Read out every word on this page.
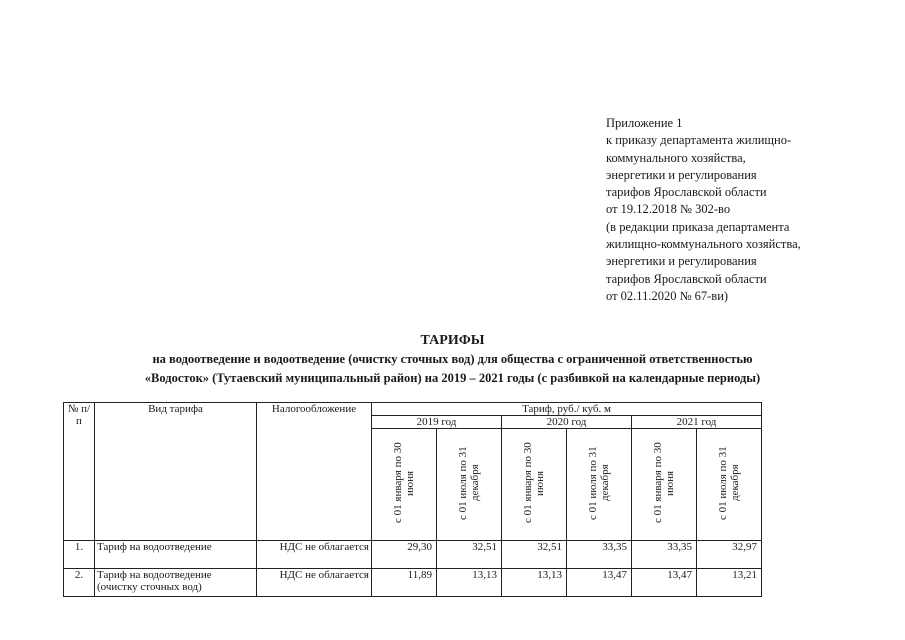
Приложение 1
к приказу департамента жилищно-
коммунального хозяйства,
энергетики и регулирования
тарифов Ярославской области
от 19.12.2018 № 302-во
(в редакции приказа департамента
жилищно-коммунального хозяйства,
энергетики и регулирования
тарифов Ярославской области
от 02.11.2020 № 67-ви)
ТАРИФЫ
на водоотведение и водоотведение (очистку сточных вод) для общества с ограниченной ответственностью
«Водосток» (Тутаевский муниципальный район) на 2019 – 2021 годы (с разбивкой на календарные периоды)
№ п/п	Вид тарифа	Налогообложение	Тариф, руб./ куб. м					
			2019 год		2020 год		2021 год	
			с 01 января по 30 июня	с 01 июля по 31 декабря	с 01 января по 30 июня	с 01 июля по 31 декабря	с 01 января по 30 июня	с 01 июля по 31 декабря
1.	Тариф на водоотведение	НДС не облагается	29,30	32,51	32,51	33,35	33,35	32,97
2.	Тариф на водоотведение (очистку сточных вод)	НДС не облагается	11,89	13,13	13,13	13,47	13,47	13,21
